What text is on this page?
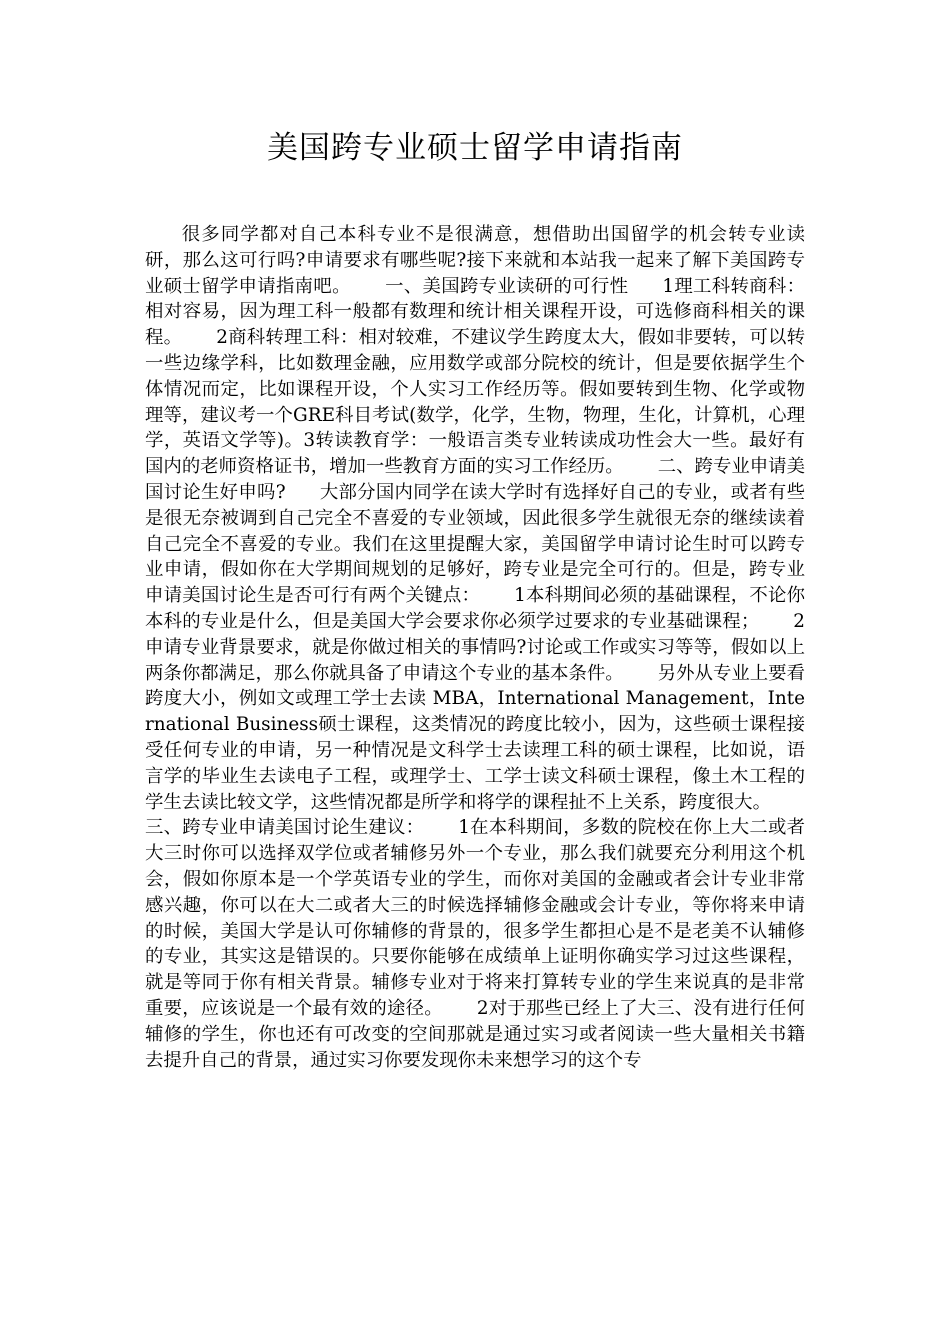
美国跨专业硕士留学申请指南

很多同学都对自己本科专业不是很满意，想借助出国留学的机会转专业读研，那么这可行吗?申请要求有哪些呢?接下来就和本站我一起来了解下美国跨专业硕士留学申请指南吧。 一、美国跨专业读研的可行性 1理工科转商科： 相对容易，因为理工科一般都有数理和统计相关课程开设，可选修商科相关的课程。 2商科转理工科：相对较难，不建议学生跨度太大，假如非要转，可以转一些边缘学科，比如数理金融，应用数学或部分院校的统计，但是要依据学生个体情况而定，比如课程开设，个人实习工作经历等。假如要转到生物、化学或物理等，建议考一个GRE科目考试(数学，化学，生物，物理，生化，计算机，心理学，英语文学等)。3转读教育学：一般语言类专业转读成功性会大一些。最好有国内的老师资格证书，增加一些教育方面的实习工作经历。 二、跨专业申请美国讨论生好申吗? 大部分国内同学在读大学时有选择好自己的专业，或者有些是很无奈被调到自己完全不喜爱的专业领域，因此很多学生就很无奈的继续读着自己完全不喜爱的专业。我们在这里提醒大家，美国留学申请讨论生时可以跨专业申请，假如你在大学期间规划的足够好，跨专业是完全可行的。但是，跨专业申请美国讨论生是否可行有两个关键点： 1本科期间必须的基础课程，不论你本科的专业是什么，但是美国大学会要求你必须学过要求的专业基础课程； 2申请专业背景要求，就是你做过相关的事情吗?讨论或工作或实习等等，假如以上两条你都满足，那么你就具备了申请这个专业的基本条件。 另外从专业上要看跨度大小，例如文或理工学士去读 MBA，International Management，International Business硕士课程，这类情况的跨度比较小，因为，这些硕士课程接受任何专业的申请，另一种情况是文科学士去读理工科的硕士课程，比如说，语言学的毕业生去读电子工程，或理学士、工学士读文科硕士课程，像土木工程的学生去读比较文学，这些情况都是所学和将学的课程扯不上关系，跨度很大。三、跨专业申请美国讨论生建议： 1在本科期间，多数的院校在你上大二或者大三时你可以选择双学位或者辅修另外一个专业，那么我们就要充分利用这个机会，假如你原本是一个学英语专业的学生，而你对美国的金融或者会计专业非常感兴趣，你可以在大二或者大三的时候选择辅修金融或会计专业，等你将来申请的时候，美国大学是认可你辅修的背景的，很多学生都担心是不是老美不认辅修的专业，其实这是错误的。只要你能够在成绩单上证明你确实学习过这些课程，就是等同于你有相关背景。辅修专业对于将来打算转专业的学生来说真的是非常重要，应该说是一个最有效的途径。 2对于那些已经上了大三、没有进行任何辅修的学生，你也还有可改变的空间那就是通过实习或者阅读一些大量相关书籍去提升自己的背景，通过实习你要发现你未来想学习的这个专
